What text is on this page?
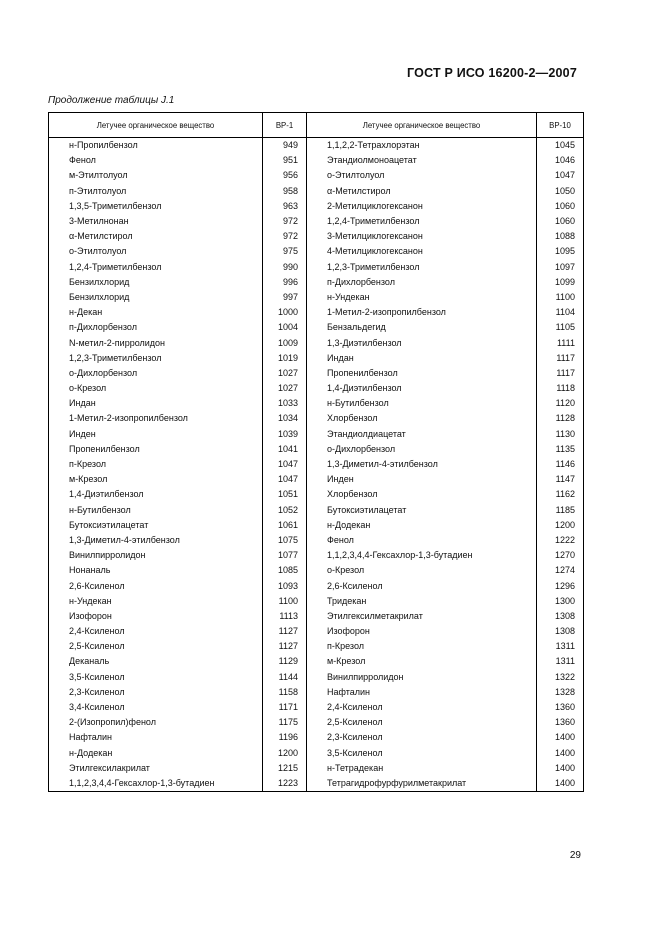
ГОСТ Р ИСО 16200-2—2007
Продолжение таблицы J.1
Летучее органическое вещество	BP-1	Летучее органическое вещество	BP-10
н-Пропилбензол	949	1,1,2,2-Тетрахлорэтан	1045
Фенол	951	Этандиолмоноацетат	1046
м-Этилтолуол	956	о-Этилтолуол	1047
п-Этилтолуол	958	α-Метилстирол	1050
1,3,5-Триметилбензол	963	2-Метилциклогексанон	1060
3-Метилнонан	972	1,2,4-Триметилбензол	1060
α-Метилстирол	972	3-Метилциклогексанон	1088
о-Этилтолуол	975	4-Метилциклогексанон	1095
1,2,4-Триметилбензол	990	1,2,3-Триметилбензол	1097
Бензилхлорид	996	п-Дихлорбензол	1099
Бензилхлорид	997	н-Ундекан	1100
н-Декан	1000	1-Метил-2-изопропилбензол	1104
п-Дихлорбензол	1004	Бензальдегид	1105
N-метил-2-пирролидон	1009	1,3-Диэтилбензол	1111
1,2,3-Триметилбензол	1019	Индан	1117
о-Дихлорбензол	1027	Пропенилбензол	1117
о-Крезол	1027	1,4-Диэтилбензол	1118
Индан	1033	н-Бутилбензол	1120
1-Метил-2-изопропилбензол	1034	Хлорбензол	1128
Инден	1039	Этандиолдиацетат	1130
Пропенилбензол	1041	о-Дихлорбензол	1135
п-Крезол	1047	1,3-Диметил-4-этилбензол	1146
м-Крезол	1047	Инден	1147
1,4-Диэтилбензол	1051	Хлорбензол	1162
н-Бутилбензол	1052	Бутоксиэтилацетат	1185
Бутоксиэтилацетат	1061	н-Додекан	1200
1,3-Диметил-4-этилбензол	1075	Фенол	1222
Винилпирролидон	1077	1,1,2,3,4,4-Гексахлор-1,3-бутадиен	1270
Нонаналь	1085	о-Крезол	1274
2,6-Ксиленол	1093	2,6-Ксиленол	1296
н-Ундекан	1100	Тридекан	1300
Изофорон	1113	Этилгексилметакрилат	1308
2,4-Ксиленол	1127	Изофорон	1308
2,5-Ксиленол	1127	п-Крезол	1311
Деканаль	1129	м-Крезол	1311
3,5-Ксиленол	1144	Винилпирролидон	1322
2,3-Ксиленол	1158	Нафталин	1328
3,4-Ксиленол	1171	2,4-Ксиленол	1360
2-(Изопропил)фенол	1175	2,5-Ксиленол	1360
Нафталин	1196	2,3-Ксиленол	1400
н-Додекан	1200	3,5-Ксиленол	1400
Этилгексилакрилат	1215	н-Тетрадекан	1400
1,1,2,3,4,4-Гексахлор-1,3-бутадиен	1223	Тетрагидрофурфурилметакрилат	1400
29
